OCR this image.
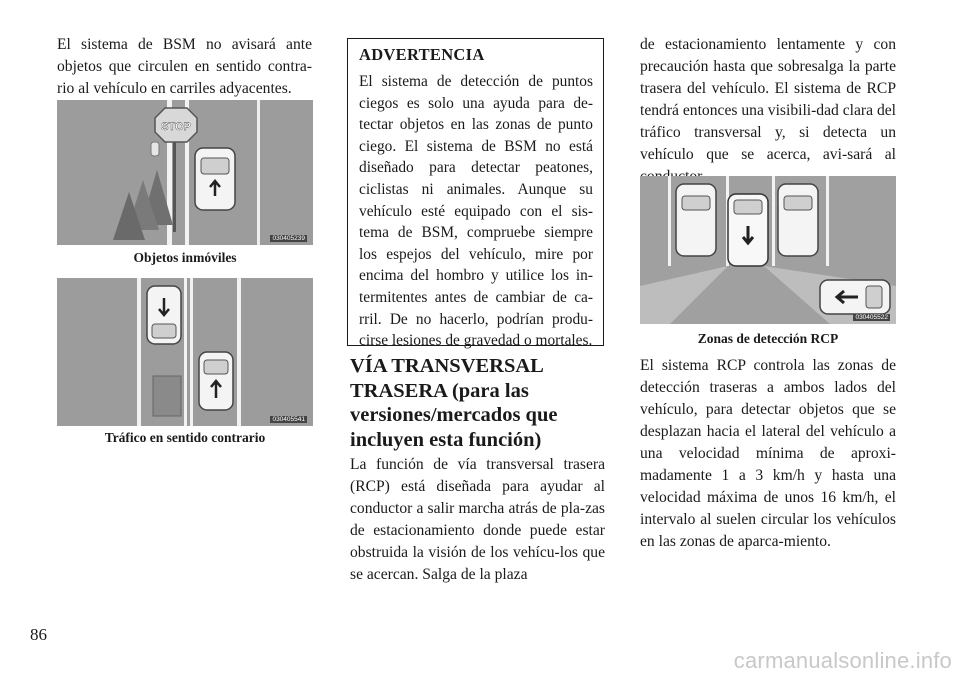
El sistema de BSM no avisará ante objetos que circulen en sentido contra-rio al vehículo en carriles adyacentes.

STOP
030405239

Objetos inmóviles

030405541

Tráfico en sentido contrario

ADVERTENCIA

El sistema de detección de puntos ciegos es solo una ayuda para de-tectar objetos en las zonas de punto ciego. El sistema de BSM no está diseñado para detectar peatones, ciclistas ni animales. Aunque su vehículo esté equipado con el sis-tema de BSM, compruebe siempre los espejos del vehículo, mire por encima del hombro y utilice los in-termitentes antes de cambiar de ca-rril. De no hacerlo, podrían produ-cirse lesiones de gravedad o mortales.

VÍA TRANSVERSAL TRASERA (para las versiones/mercados que incluyen esta función)

La función de vía transversal trasera (RCP) está diseñada para ayudar al conductor a salir marcha atrás de pla-zas de estacionamiento donde puede estar obstruida la visión de los vehícu-los que se acercan. Salga de la plaza

de estacionamiento lentamente y con precaución hasta que sobresalga la parte trasera del vehículo. El sistema de RCP tendrá entonces una visibili-dad clara del tráfico transversal y, si detecta un vehículo que se acerca, avi-sará al

030405522

Zonas de detección RCP

El sistema RCP controla las zonas de detección traseras a ambos lados del vehículo, para detectar objetos que se desplazan hacia el lateral del vehículo a una velocidad mínima de aproxi-madamente 1 a 3 km/h y hasta una velocidad máxima de unos 16 km/h, el intervalo al suelen circular los vehículos en las zonas de aparca-miento.

86
carmanualsonline.info
